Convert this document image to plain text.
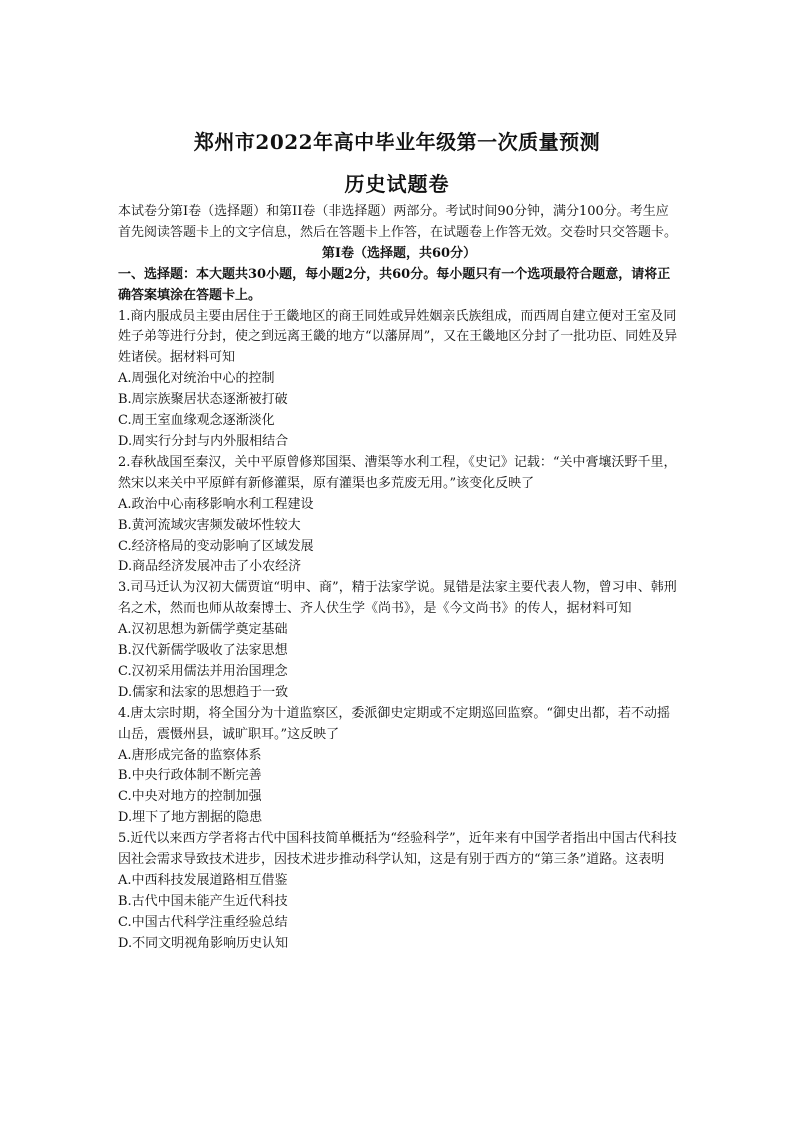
郑州市2022年高中毕业年级第一次质量预测
历史试题卷

本试卷分第I卷（选择题）和第II卷（非选择题）两部分。考试时间90分钟，满分100分。考生应首先阅读答题卡上的文字信息，然后在答题卡上作答，在试题卷上作答无效。交卷时只交答题卡。

第I卷（选择题，共60分）

一、选择题：本大题共30小题，每小题2分，共60分。每小题只有一个选项最符合题意，请将正确答案填涂在答题卡上。

1.商内服成员主要由居住于王畿地区的商王同姓或异姓姻亲氏族组成，而西周自建立便对王室及同姓子弟等进行分封，使之到远离王畿的地方“以藩屏周”，又在王畿地区分封了一批功臣、同姓及异姓诸侯。据材料可知

A.周强化对统治中心的控制

B.周宗族聚居状态逐渐被打破

C.周王室血缘观念逐渐淡化

D.周实行分封与内外服相结合

2.春秋战国至秦汉，关中平原曾修郑国渠、漕渠等水利工程，《史记》记载：“关中膏壤沃野千里，然宋以来关中平原鲜有新修灌渠，原有灌渠也多荒废无用。”该变化反映了

A.政治中心南移影响水利工程建设

B.黄河流域灾害频发破坏性较大

C.经济格局的变动影响了区域发展

D.商品经济发展冲击了小农经济

3.司马迁认为汉初大儒贾谊“明申、商”，精于法家学说。晁错是法家主要代表人物，曾习申、韩刑名之术，然而也师从故秦博士、齐人伏生学《尚书》，是《今文尚书》的传人，据材料可知

A.汉初思想为新儒学奠定基础

B.汉代新儒学吸收了法家思想

C.汉初采用儒法并用治国理念

D.儒家和法家的思想趋于一致

4.唐太宗时期，将全国分为十道监察区，委派御史定期或不定期巡回监察。“御史出都，若不动摇山岳，震慑州县，诚旷职耳。”这反映了

A.唐形成完备的监察体系

B.中央行政体制不断完善

C.中央对地方的控制加强

D.埋下了地方割据的隐患

5.近代以来西方学者将古代中国科技简单概括为“经验科学”，近年来有中国学者指出中国古代科技因社会需求导致技术进步，因技术进步推动科学认知，这是有别于西方的“第三条”道路。这表明

A.中西科技发展道路相互借鉴

B.古代中国未能产生近代科技

C.中国古代科学注重经验总结

D.不同文明视角影响历史认知
